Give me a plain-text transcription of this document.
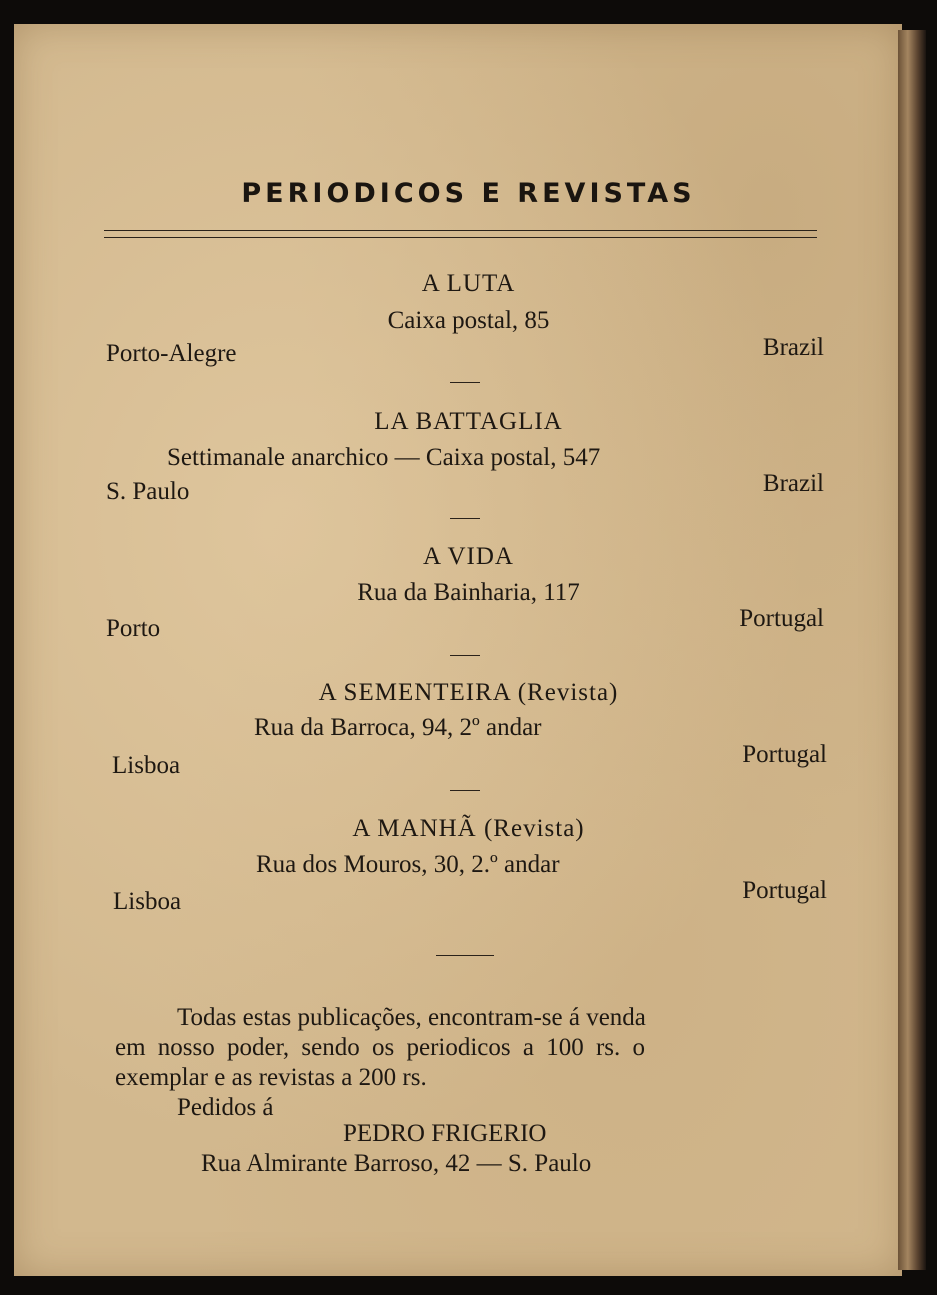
PERIODICOS E REVISTAS
A LUTA
Caixa postal, 85
Porto-Alegre	Brazil
LA BATTAGLIA
Settimanale anarchico — Caixa postal, 547
S. Paulo	Brazil
A VIDA
Rua da Bainharia, 117
Porto	Portugal
A SEMENTEIRA (Revista)
Rua da Barroca, 94, 2º andar
Lisboa	Portugal
A MANHÃ (Revista)
Rua dos Mouros, 30, 2.º andar
Lisboa	Portugal
Todas estas publicações, encontram-se á venda
em nosso poder, sendo os periodicos a 100 rs. o
exemplar e as revistas a 200 rs.
Pedidos á
PEDRO FRIGERIO
Rua Almirante Barroso, 42 — S. Paulo
